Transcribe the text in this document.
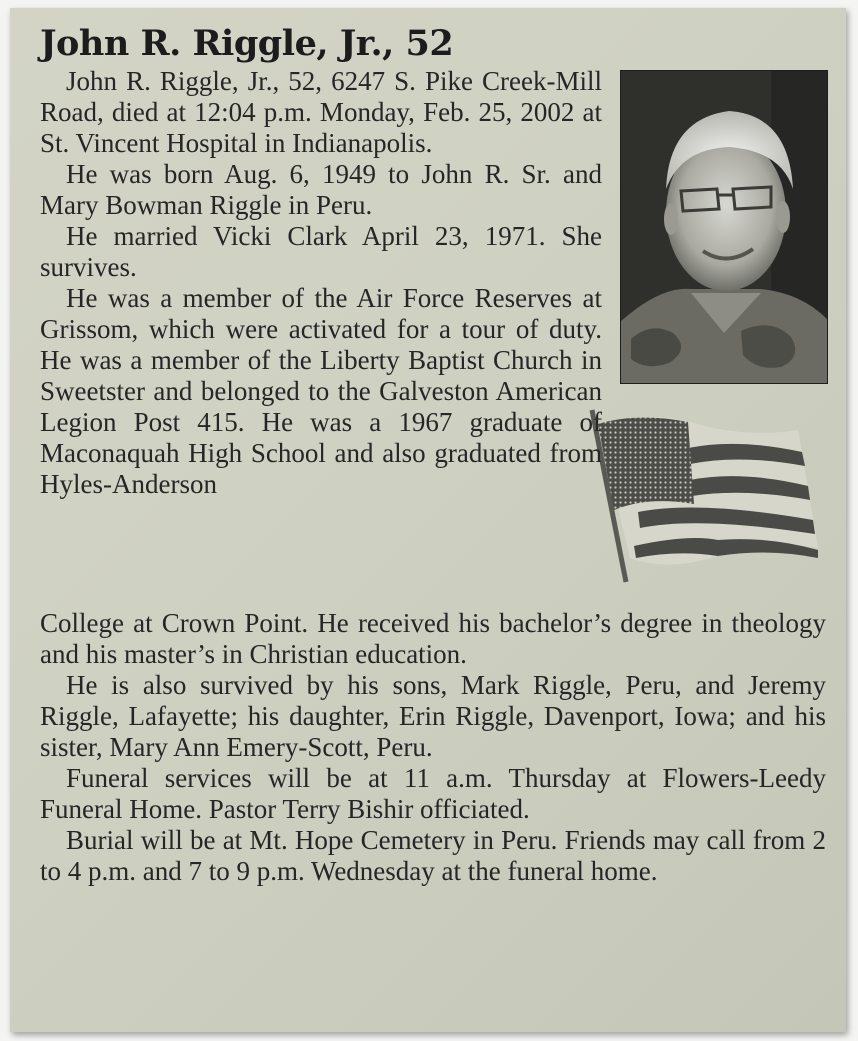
John R. Riggle, Jr., 52

John R. Riggle, Jr., 52, 6247 S. Pike Creek-Mill Road, died at 12:04 p.m. Monday, Feb. 25, 2002 at St. Vincent Hospital in Indianapolis.

He was born Aug. 6, 1949 to John R. Sr. and Mary Bowman Riggle in Peru.

He married Vicki Clark April 23, 1971. She survives.

He was a member of the Air Force Reserves at Grissom, which were activated for a tour of duty. He was a member of the Liberty Baptist Church in Sweetster and belonged to the Galveston American Legion Post 415. He was a 1967 graduate of Maconaquah High School and also graduated from Hyles-Anderson

College at Crown Point. He received his bachelor’s degree in theology and his master’s in Christian education.

He is also survived by his sons, Mark Riggle, Peru, and Jeremy Riggle, Lafayette; his daughter, Erin Riggle, Davenport, Iowa; and his sister, Mary Ann Emery-Scott, Peru.

Funeral services will be at 11 a.m. Thursday at Flowers-Leedy Funeral Home. Pastor Terry Bishir officiated.

Burial will be at Mt. Hope Cemetery in Peru. Friends may call from 2 to 4 p.m. and 7 to 9 p.m. Wednesday at the funeral home.
